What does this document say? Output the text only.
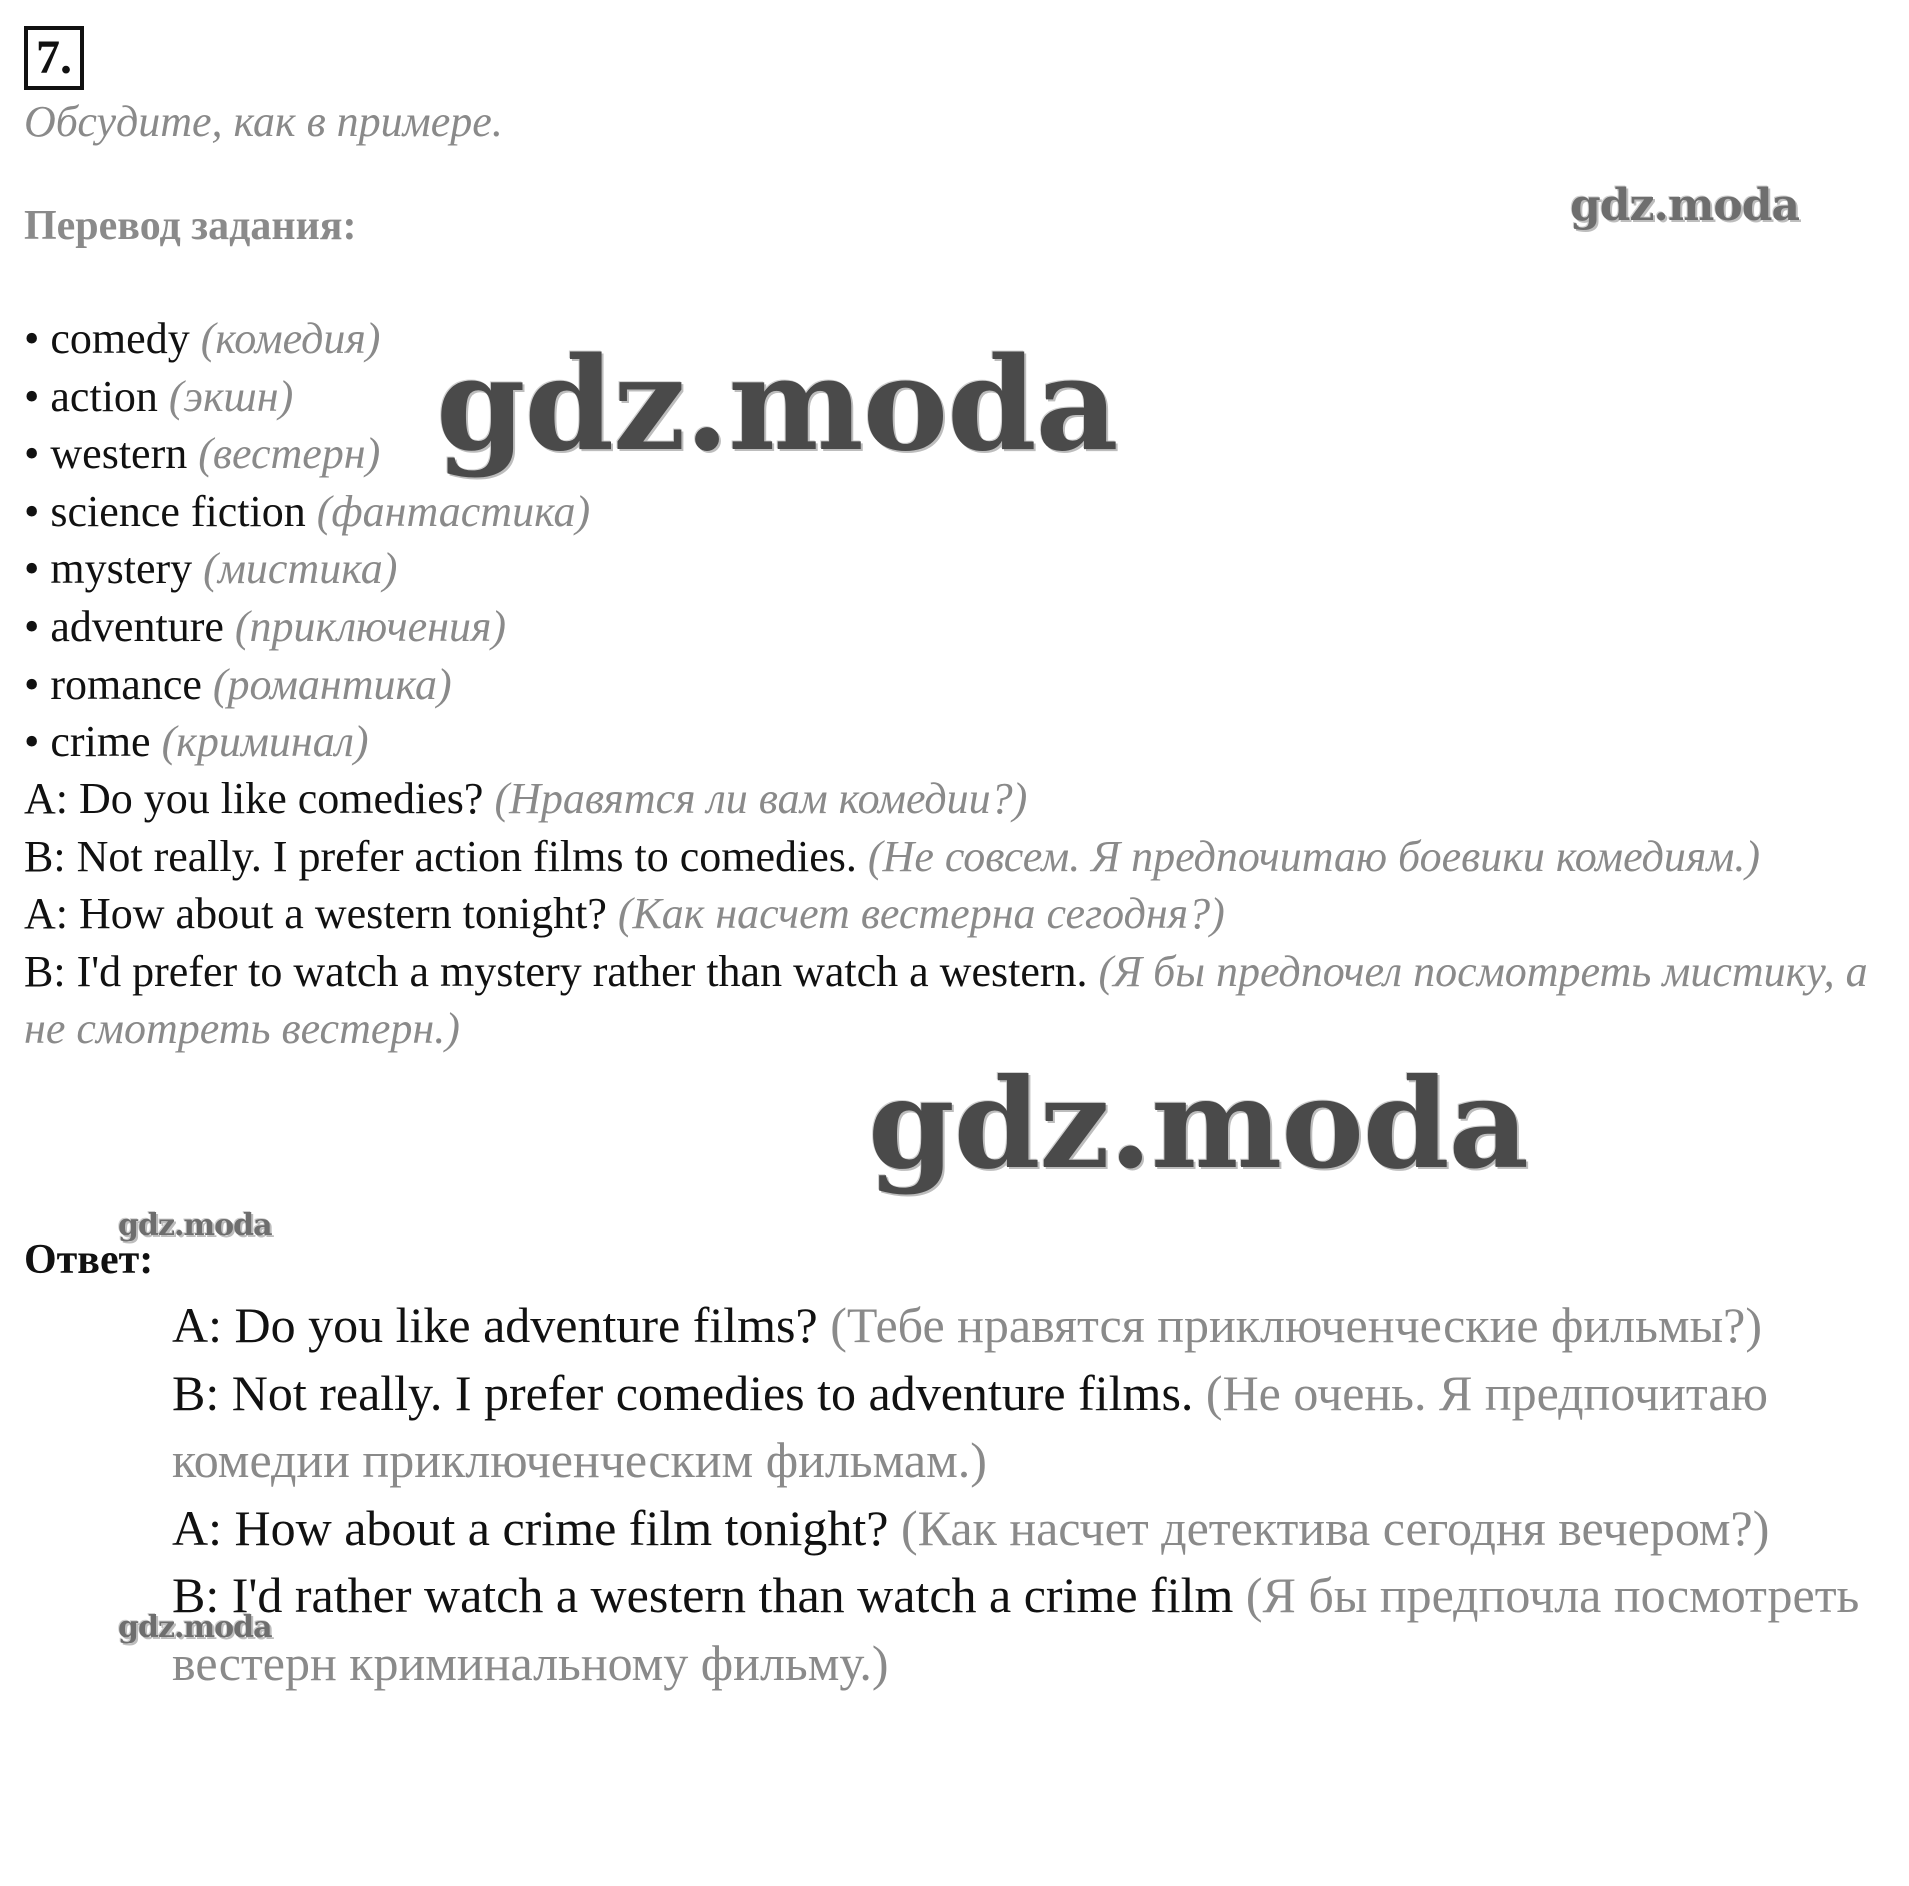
7.
Обсудите, как в примере.
Перевод задания:
• comedy (комедия)
• action (экшн)
• western (вестерн)
• science fiction (фантастика)
• mystery (мистика)
• adventure (приключения)
• romance (романтика)
• crime (криминал)

A: Do you like comedies? (Нравятся ли вам комедии?)

B: Not really. I prefer action films to comedies. (Не совсем. Я предпочитаю боевики комедиям.)

A: How about a western tonight? (Как насчет вестерна сегодня?)

B: I'd prefer to watch a mystery rather than watch a western. (Я бы предпочел посмотреть мистику, а не смотреть вестерн.)

Ответ:

A: Do you like adventure films? (Тебе нравятся приключенческие фильмы?)

B: Not really. I prefer comedies to adventure films. (Не очень. Я предпочитаю комедии приключенческим фильмам.)

A: How about a crime film tonight? (Как насчет детектива сегодня вечером?)

B: I'd rather watch a western than watch a crime film (Я бы предпочла посмотреть вестерн криминальному фильму.)

gdz.moda
gdz.moda
gdz.moda
gdz.moda
gdz.moda
